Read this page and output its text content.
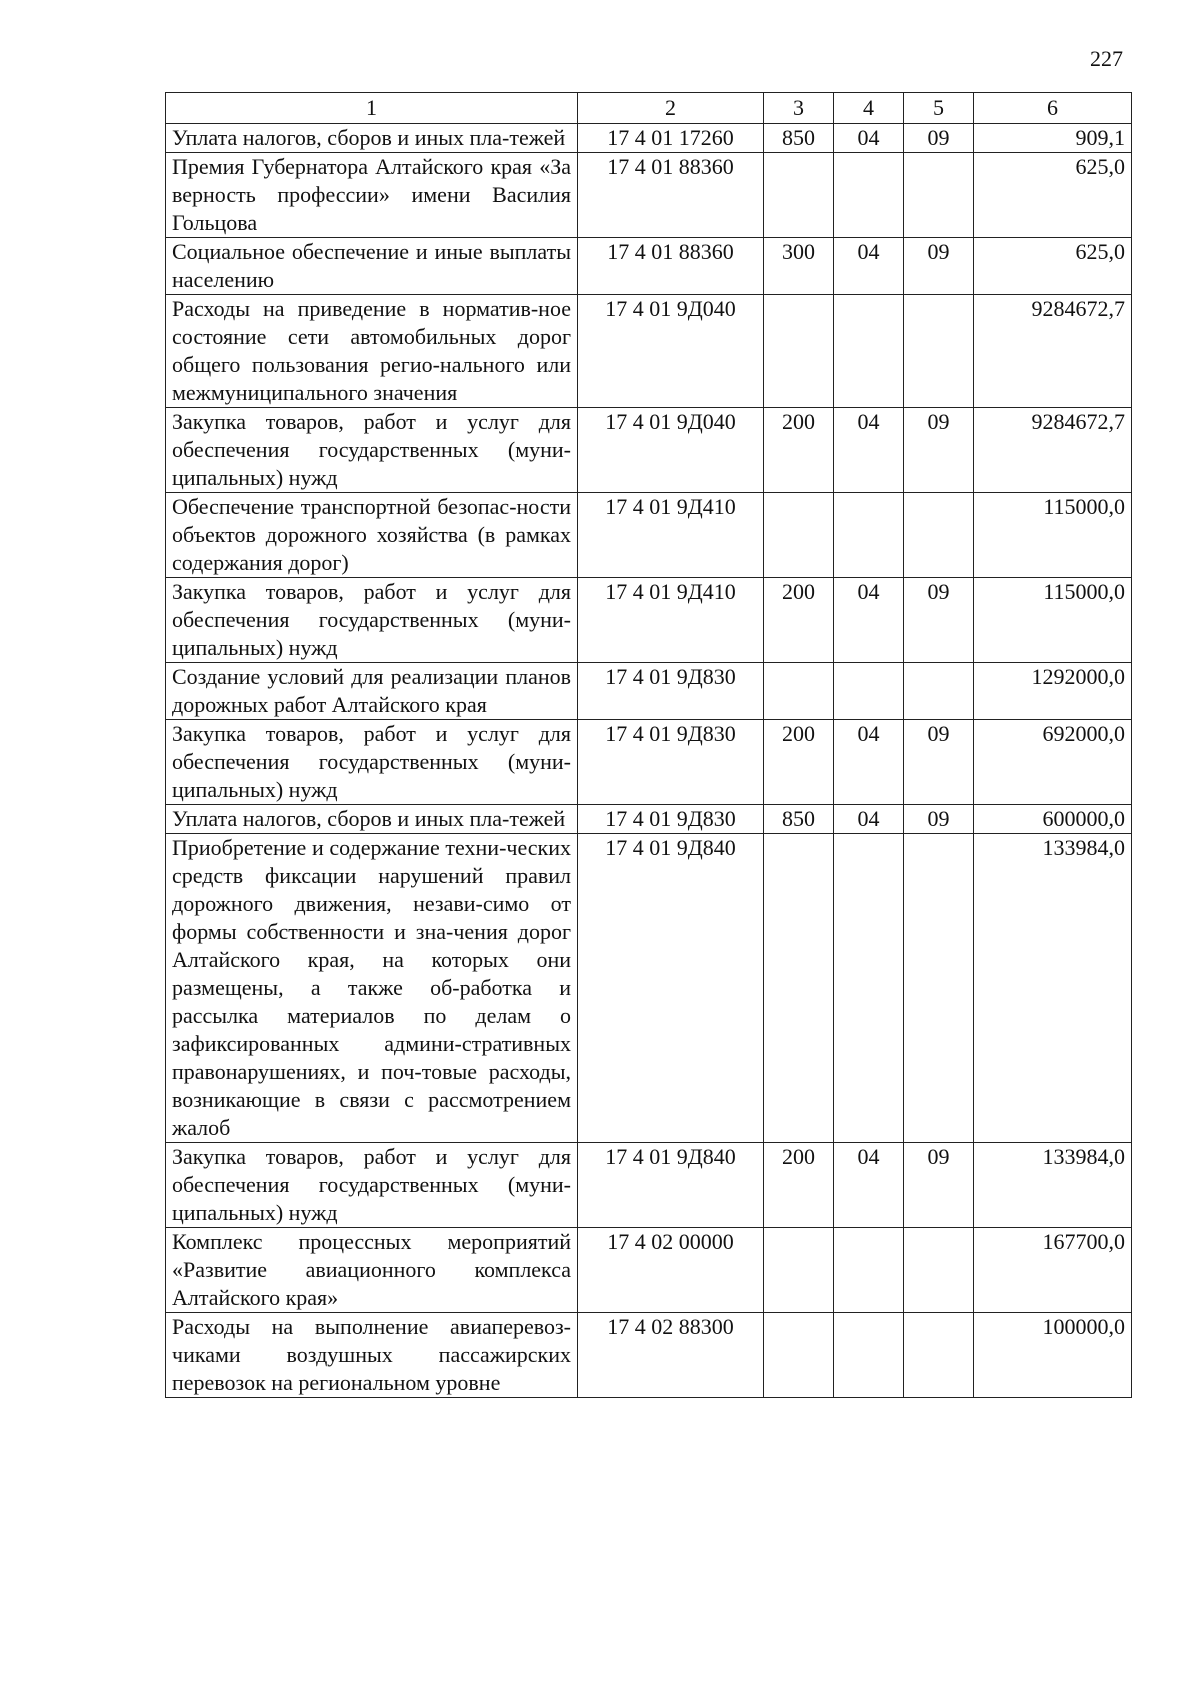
227
1	2	3	4	5	6
Уплата налогов, сборов и иных пла-тежей	17 4 01 17260	850	04	09	909,1
Премия Губернатора Алтайского края «За верность профессии» имени Василия Гольцова	17 4 01 88360				625,0
Социальное обеспечение и иные выплаты населению	17 4 01 88360	300	04	09	625,0
Расходы на приведение в норматив-ное состояние сети автомобильных дорог общего пользования регио-нального или межмуниципального значения	17 4 01 9Д040				9284672,7
Закупка товаров, работ и услуг для обеспечения государственных (муни-ципальных) нужд	17 4 01 9Д040	200	04	09	9284672,7
Обеспечение транспортной безопас-ности объектов дорожного хозяйства (в рамках содержания дорог)	17 4 01 9Д410				115000,0
Закупка товаров, работ и услуг для обеспечения государственных (муни-ципальных) нужд	17 4 01 9Д410	200	04	09	115000,0
Создание условий для реализации планов дорожных работ Алтайского края	17 4 01 9Д830				1292000,0
Закупка товаров, работ и услуг для обеспечения государственных (муни-ципальных) нужд	17 4 01 9Д830	200	04	09	692000,0
Уплата налогов, сборов и иных пла-тежей	17 4 01 9Д830	850	04	09	600000,0
Приобретение и содержание техни-ческих средств фиксации нарушений правил дорожного движения, незави-симо от формы собственности и зна-чения дорог Алтайского края, на которых они размещены, а также об-работка и рассылка материалов по делам о зафиксированных админи-стративных правонарушениях, и поч-товые расходы, возникающие в связи с рассмотрением жалоб	17 4 01 9Д840				133984,0
Закупка товаров, работ и услуг для обеспечения государственных (муни-ципальных) нужд	17 4 01 9Д840	200	04	09	133984,0
Комплекс процессных мероприятий «Развитие авиационного комплекса Алтайского края»	17 4 02 00000				167700,0
Расходы на выполнение авиаперевоз-чиками воздушных пассажирских перевозок на региональном уровне	17 4 02 88300				100000,0
